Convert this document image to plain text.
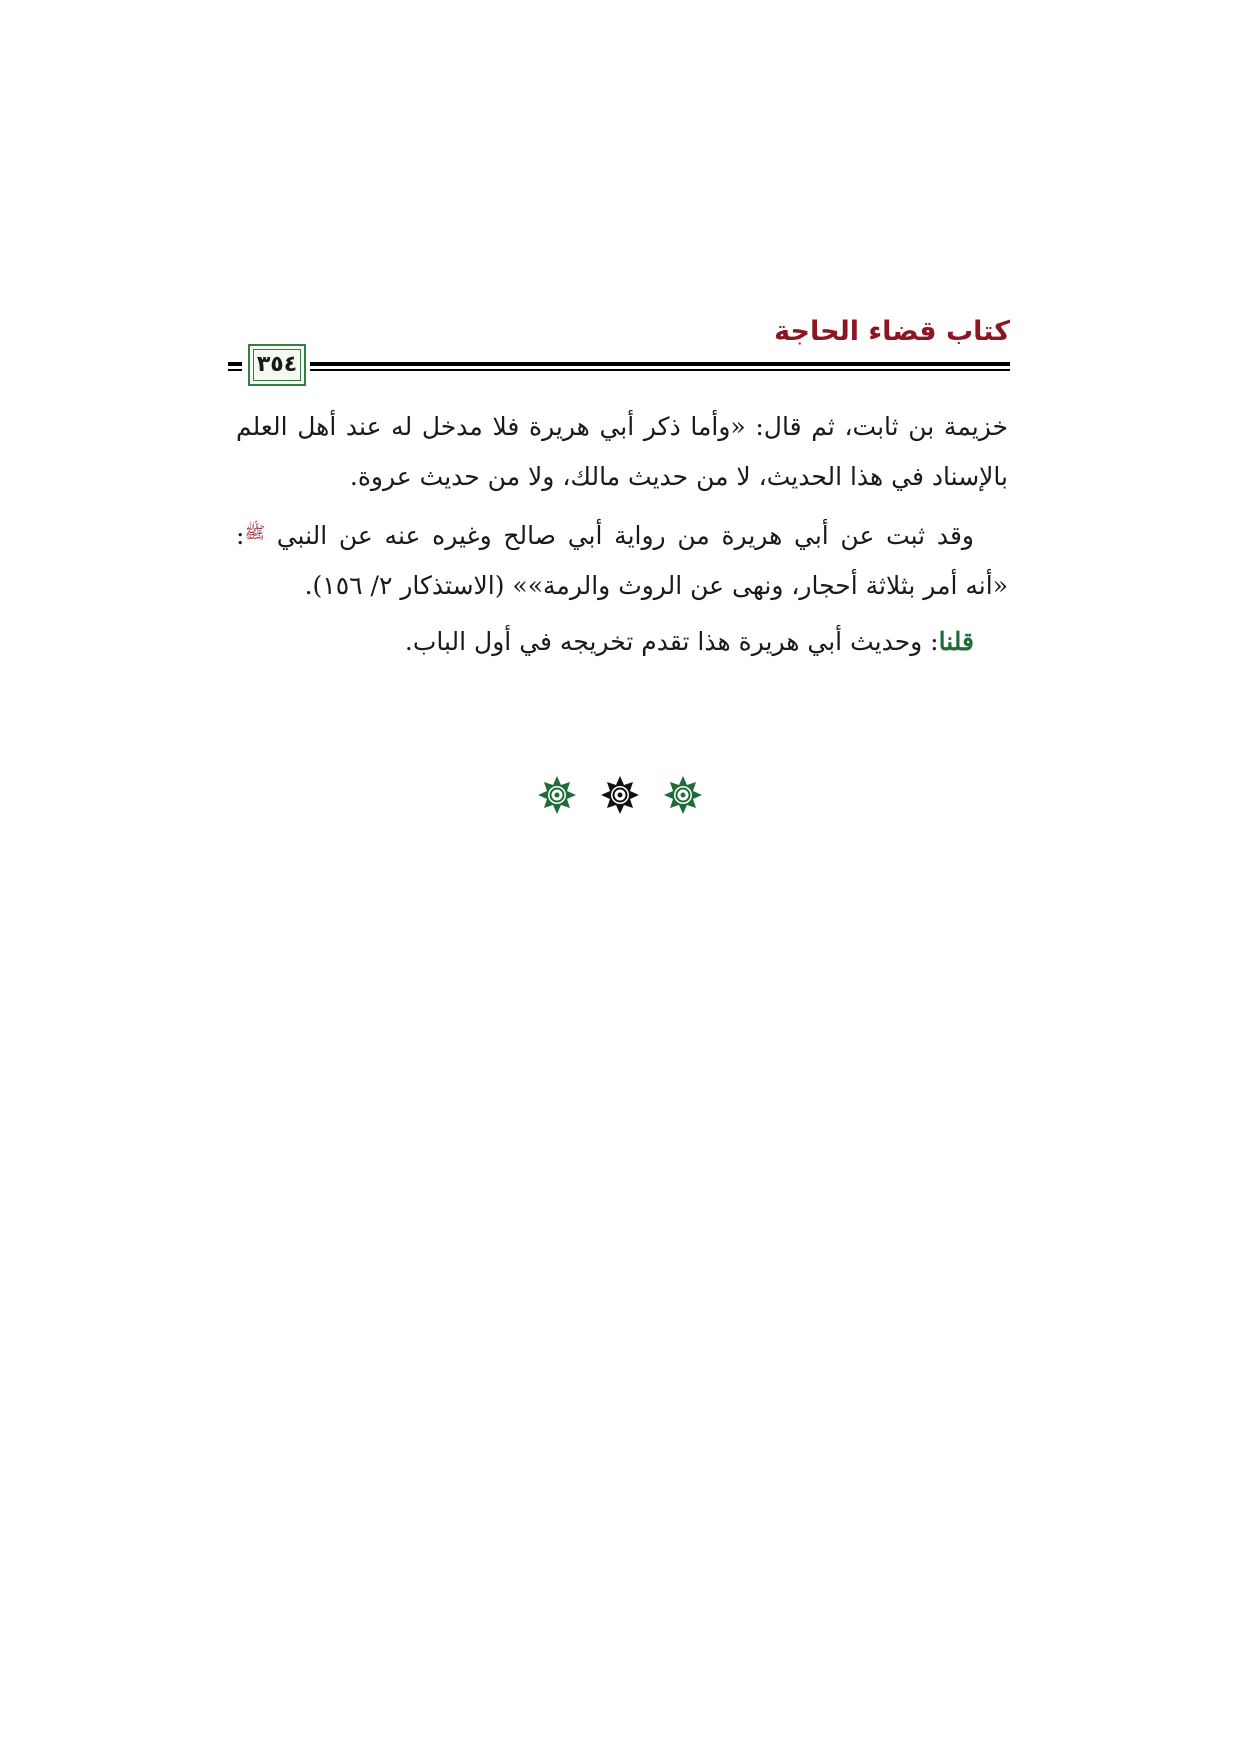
كتاب قضاء الحاجة
٣٥٤

خزيمة بن ثابت، ثم قال: «وأما ذكر أبي هريرة فلا مدخل له عند أهل العلم بالإسناد في هذا الحديث، لا من حديث مالك، ولا من حديث عروة.

وقد ثبت عن أبي هريرة من رواية أبي صالح وغيره عنه عن النبي $^ﷺ$: «أنه أمر بثلاثة أحجار، ونهى عن الروث والرمة»» (الاستذكار ٢/ ١٥٦).

قلنا: وحديث أبي هريرة هذا تقدم تخريجه في أول الباب.
